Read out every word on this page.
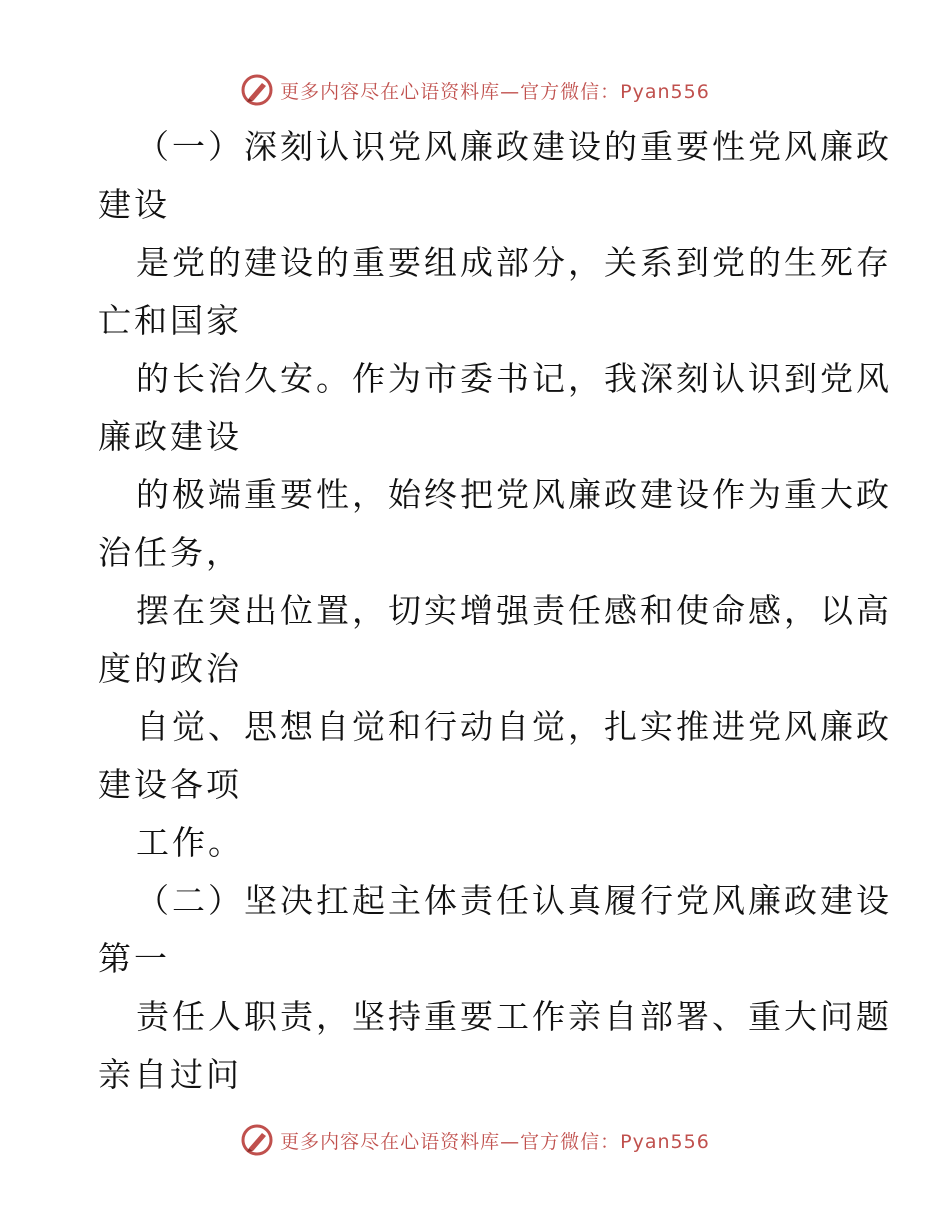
更多内容尽在心语资料库—官方微信：Pyan556

（一）深刻认识党风廉政建设的重要性党风廉政

建设

是党的建设的重要组成部分，关系到党的生死存

亡和国家

的长治久安。作为市委书记，我深刻认识到党风

廉政建设

的极端重要性，始终把党风廉政建设作为重大政

治任务，

摆在突出位置，切实增强责任感和使命感，以高

度的政治

自觉、思想自觉和行动自觉，扎实推进党风廉政

建设各项

工作。

（二）坚决扛起主体责任认真履行党风廉政建设

第一

责任人职责，坚持重要工作亲自部署、重大问题

亲自过问

更多内容尽在心语资料库—官方微信：Pyan556
